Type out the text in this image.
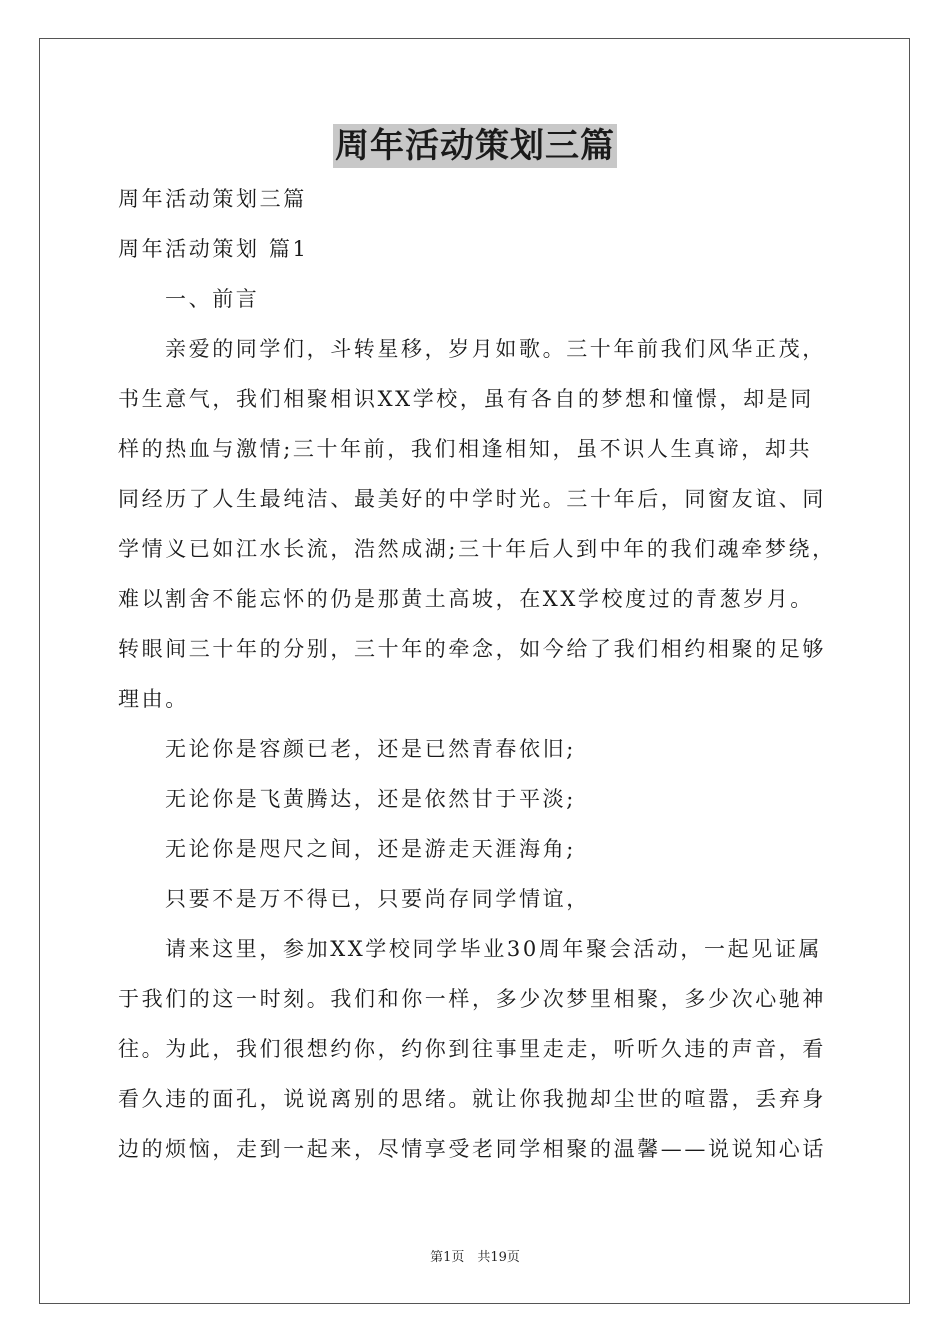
周年活动策划三篇
周年活动策划三篇
周年活动策划 篇1
一、前言
亲爱的同学们，斗转星移，岁月如歌。三十年前我们风华正茂，
书生意气，我们相聚相识XX学校，虽有各自的梦想和憧憬，却是同
样的热血与激情;三十年前，我们相逢相知，虽不识人生真谛，却共
同经历了人生最纯洁、最美好的中学时光。三十年后，同窗友谊、同
学情义已如江水长流，浩然成湖;三十年后人到中年的我们魂牵梦绕，
难以割舍不能忘怀的仍是那黄土高坡，在XX学校度过的青葱岁月。
转眼间三十年的分别，三十年的牵念，如今给了我们相约相聚的足够
理由。
无论你是容颜已老，还是已然青春依旧;
无论你是飞黄腾达，还是依然甘于平淡;
无论你是咫尺之间，还是游走天涯海角;
只要不是万不得已，只要尚存同学情谊，
请来这里，参加XX学校同学毕业30周年聚会活动，一起见证属
于我们的这一时刻。我们和你一样，多少次梦里相聚，多少次心驰神
往。为此，我们很想约你，约你到往事里走走，听听久违的声音，看
看久违的面孔，说说离别的思绪。就让你我抛却尘世的喧嚣，丢弃身
边的烦恼，走到一起来，尽情享受老同学相聚的温馨——说说知心话
第1页　共19页
